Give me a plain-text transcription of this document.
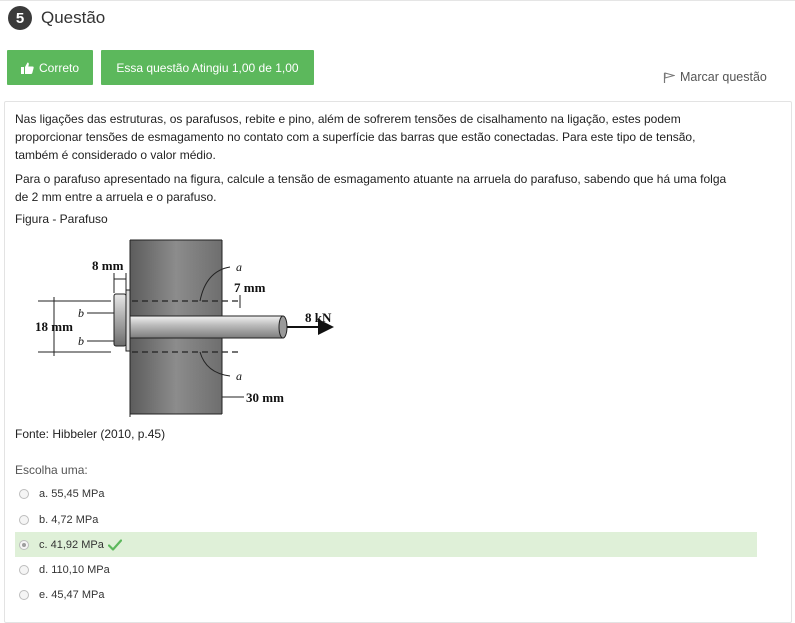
5 Questão
Correto	Essa questão Atingiu 1,00 de 1,00
Marcar questão

Nas ligações das estruturas, os parafusos, rebite e pino, além de sofrerem tensões de cisalhamento na ligação, estes podem proporcionar tensões de esmagamento no contato com a superfície das barras que estão conectadas. Para este tipo de tensão, também é considerado o valor médio.

Para o parafuso apresentado na figura, calcule a tensão de esmagamento atuante na arruela do parafuso, sabendo que há uma folga de 2 mm entre a arruela e o parafuso.

Figura - Parafuso
8 kN
a
7 mm
a
30 mm
8 mm
18 mm
b
b
Fonte: Hibbeler (2010, p.45)
Escolha uma:
a. 55,45 MPa
b. 4,72 MPa
c. 41,92 MPa
d. 110,10 MPa
e. 45,47 MPa
